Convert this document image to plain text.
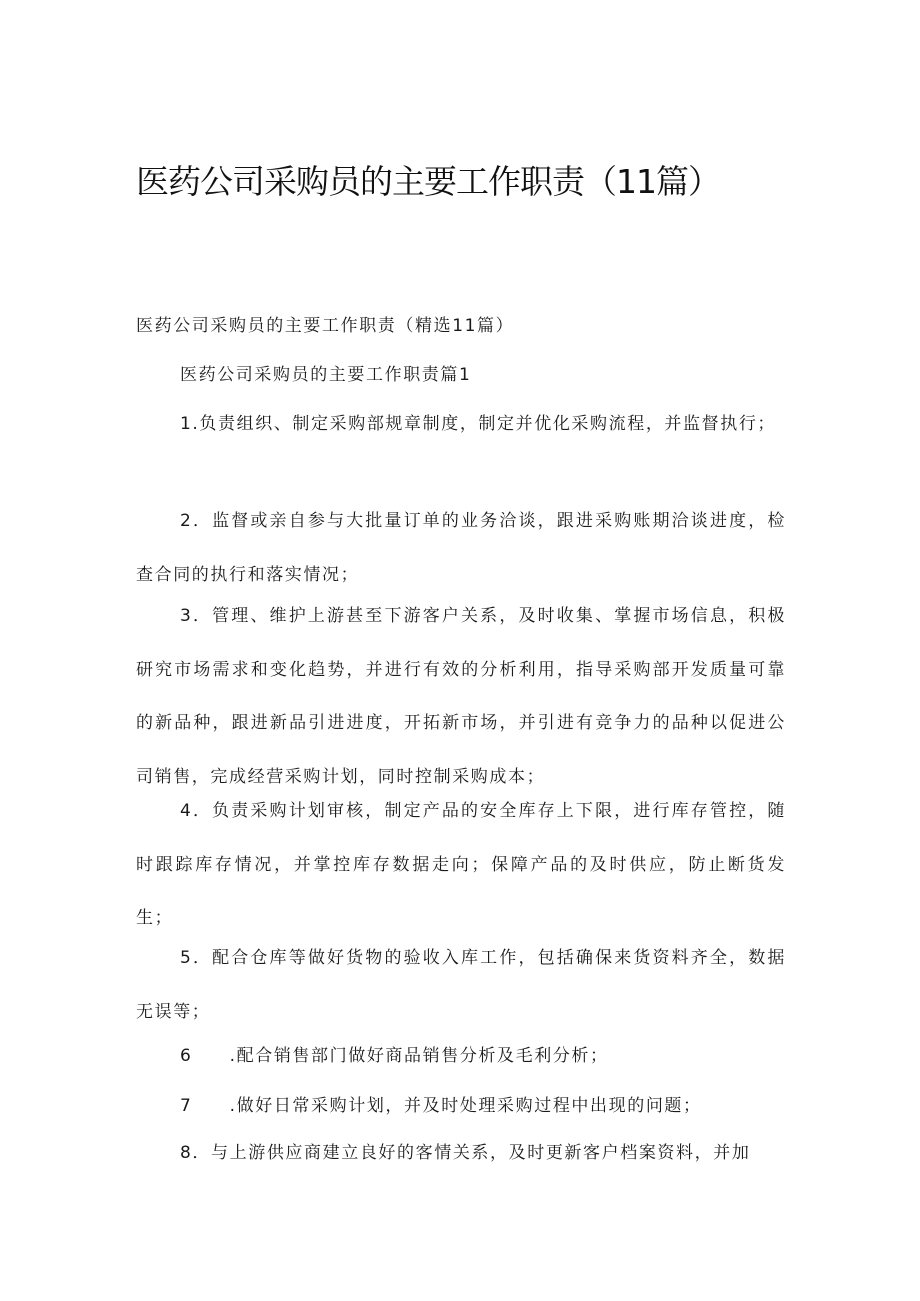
医药公司采购员的主要工作职责（11篇）
医药公司采购员的主要工作职责（精选11篇）
医药公司采购员的主要工作职责篇1

1.负责组织、制定采购部规章制度，制定并优化采购流程，并监督执行；

2．监督或亲自参与大批量订单的业务洽谈，跟进采购账期洽谈进度，检查合同的执行和落实情况；

3．管理、维护上游甚至下游客户关系，及时收集、掌握市场信息，积极研究市场需求和变化趋势，并进行有效的分析利用，指导采购部开发质量可靠的新品种，跟进新品引进进度，开拓新市场，并引进有竞争力的品种以促进公司销售，完成经营采购计划，同时控制采购成本；

4．负责采购计划审核，制定产品的安全库存上下限，进行库存管控，随时跟踪库存情况，并掌控库存数据走向；保障产品的及时供应，防止断货发生；

5．配合仓库等做好货物的验收入库工作，包括确保来货资料齐全，数据无误等；

6　　.配合销售部门做好商品销售分析及毛利分析；

7　　.做好日常采购计划，并及时处理采购过程中出现的问题；

8．与上游供应商建立良好的客情关系，及时更新客户档案资料，并加
